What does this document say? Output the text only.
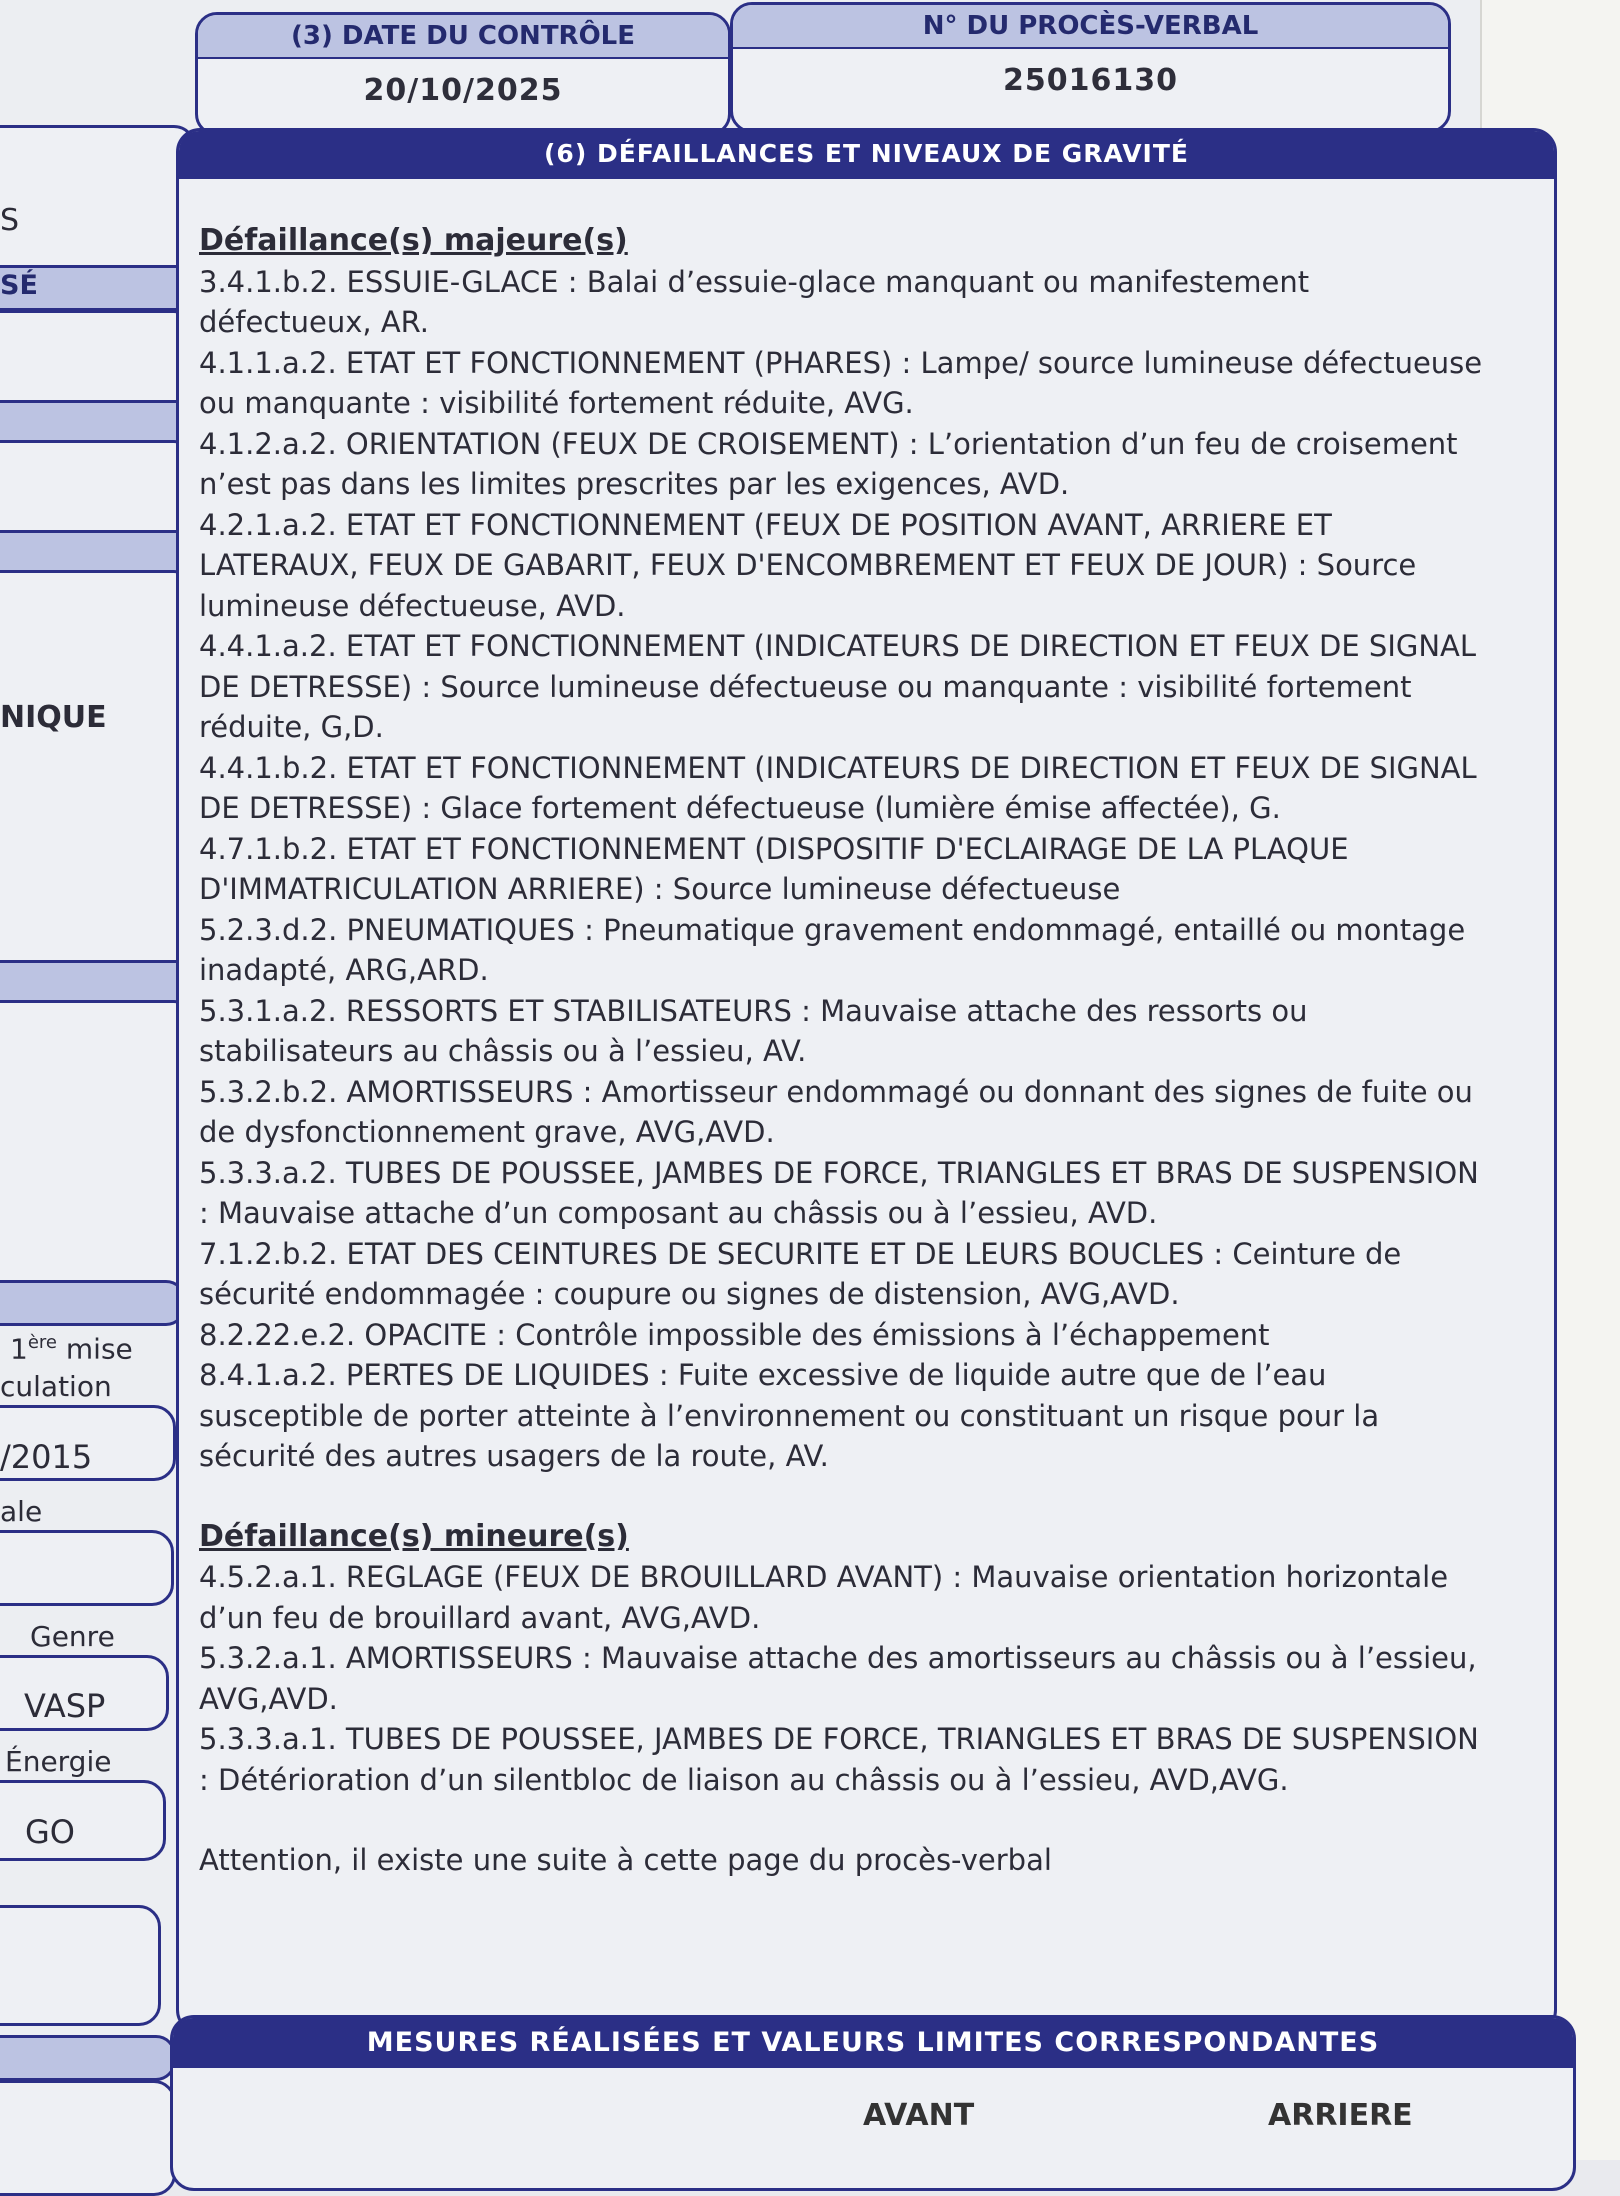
S
SÉ
NIQUE
1ère mise
culation
/2015
ale
Genre
VASP
Énergie
GO
(3) DATE DU CONTRÔLE
20/10/2025
N° DU PROCÈS-VERBAL
25016130
(6) DÉFAILLANCES ET NIVEAUX DE GRAVITÉ
Défaillance(s) majeure(s)
3.4.1.b.2. ESSUIE-GLACE : Balai d’essuie-glace manquant ou manifestement
défectueux, AR.
4.1.1.a.2. ETAT ET FONCTIONNEMENT (PHARES) : Lampe/ source lumineuse défectueuse
ou manquante : visibilité fortement réduite, AVG.
4.1.2.a.2. ORIENTATION (FEUX DE CROISEMENT) : L’orientation d’un feu de croisement
n’est pas dans les limites prescrites par les exigences, AVD.
4.2.1.a.2. ETAT ET FONCTIONNEMENT (FEUX DE POSITION AVANT, ARRIERE ET
LATERAUX, FEUX DE GABARIT, FEUX D'ENCOMBREMENT ET FEUX DE JOUR) : Source
lumineuse défectueuse, AVD.
4.4.1.a.2. ETAT ET FONCTIONNEMENT (INDICATEURS DE DIRECTION ET FEUX DE SIGNAL
DE DETRESSE) : Source lumineuse défectueuse ou manquante : visibilité fortement
réduite, G,D.
4.4.1.b.2. ETAT ET FONCTIONNEMENT (INDICATEURS DE DIRECTION ET FEUX DE SIGNAL
DE DETRESSE) : Glace fortement défectueuse (lumière émise affectée), G.
4.7.1.b.2. ETAT ET FONCTIONNEMENT (DISPOSITIF D'ECLAIRAGE DE LA PLAQUE
D'IMMATRICULATION ARRIERE) : Source lumineuse défectueuse
5.2.3.d.2. PNEUMATIQUES : Pneumatique gravement endommagé, entaillé ou montage
inadapté, ARG,ARD.
5.3.1.a.2. RESSORTS ET STABILISATEURS : Mauvaise attache des ressorts ou
stabilisateurs au châssis ou à l’essieu, AV.
5.3.2.b.2. AMORTISSEURS : Amortisseur endommagé ou donnant des signes de fuite ou
de dysfonctionnement grave, AVG,AVD.
5.3.3.a.2. TUBES DE POUSSEE, JAMBES DE FORCE, TRIANGLES ET BRAS DE SUSPENSION
: Mauvaise attache d’un composant au châssis ou à l’essieu, AVD.
7.1.2.b.2. ETAT DES CEINTURES DE SECURITE ET DE LEURS BOUCLES : Ceinture de
sécurité endommagée : coupure ou signes de distension, AVG,AVD.
8.2.22.e.2. OPACITE : Contrôle impossible des émissions à l’échappement
8.4.1.a.2. PERTES DE LIQUIDES : Fuite excessive de liquide autre que de l’eau
susceptible de porter atteinte à l’environnement ou constituant un risque pour la
sécurité des autres usagers de la route, AV.
Défaillance(s) mineure(s)
4.5.2.a.1. REGLAGE (FEUX DE BROUILLARD AVANT) : Mauvaise orientation horizontale
d’un feu de brouillard avant, AVG,AVD.
5.3.2.a.1. AMORTISSEURS : Mauvaise attache des amortisseurs au châssis ou à l’essieu,
AVG,AVD.
5.3.3.a.1. TUBES DE POUSSEE, JAMBES DE FORCE, TRIANGLES ET BRAS DE SUSPENSION
: Détérioration d’un silentbloc de liaison au châssis ou à l’essieu, AVD,AVG.
Attention, il existe une suite à cette page du procès-verbal
MESURES RÉALISÉES ET VALEURS LIMITES CORRESPONDANTES
AVANT	ARRIERE
